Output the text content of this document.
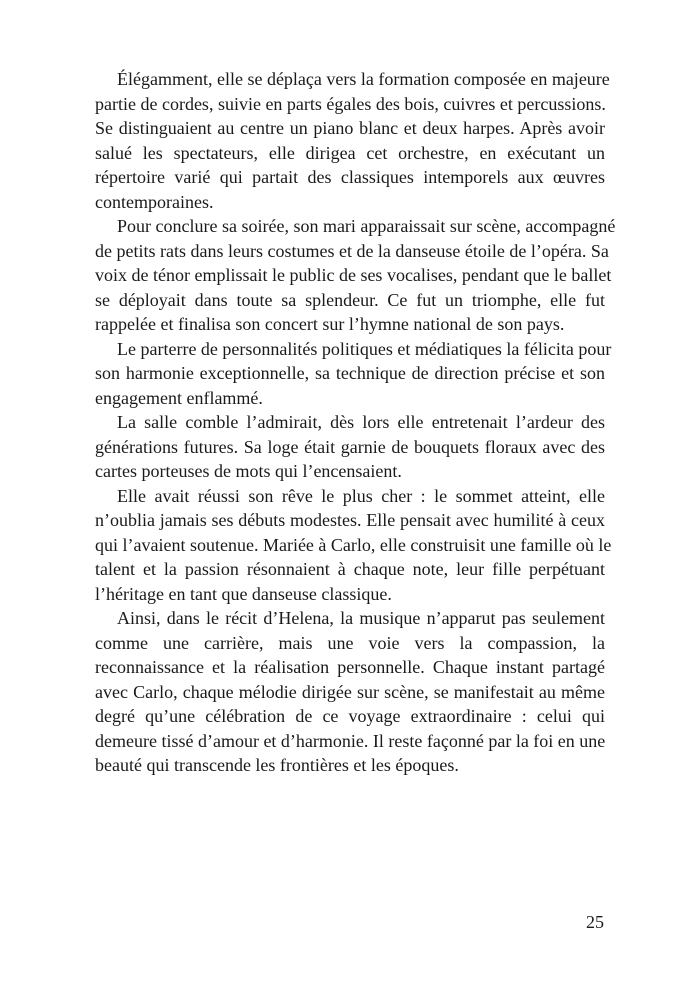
Élégamment, elle se déplaça vers la formation composée en majeure
partie de cordes, suivie en parts égales des bois, cuivres et percussions.
Se distinguaient au centre un piano blanc et deux harpes. Après avoir
salué les spectateurs, elle dirigea cet orchestre, en exécutant un
répertoire varié qui partait des classiques intemporels aux œuvres
contemporaines.
Pour conclure sa soirée, son mari apparaissait sur scène, accompagné
de petits rats dans leurs costumes et de la danseuse étoile de l’opéra. Sa
voix de ténor emplissait le public de ses vocalises, pendant que le ballet
se déployait dans toute sa splendeur. Ce fut un triomphe, elle fut
rappelée et finalisa son concert sur l’hymne national de son pays.
Le parterre de personnalités politiques et médiatiques la félicita pour
son harmonie exceptionnelle, sa technique de direction précise et son
engagement enflammé.
La salle comble l’admirait, dès lors elle entretenait l’ardeur des
générations futures. Sa loge était garnie de bouquets floraux avec des
cartes porteuses de mots qui l’encensaient.
Elle avait réussi son rêve le plus cher : le sommet atteint, elle
n’oublia jamais ses débuts modestes. Elle pensait avec humilité à ceux
qui l’avaient soutenue. Mariée à Carlo, elle construisit une famille où le
talent et la passion résonnaient à chaque note, leur fille perpétuant
l’héritage en tant que danseuse classique.
Ainsi, dans le récit d’Helena, la musique n’apparut pas seulement
comme une carrière, mais une voie vers la compassion, la
reconnaissance et la réalisation personnelle. Chaque instant partagé
avec Carlo, chaque mélodie dirigée sur scène, se manifestait au même
degré qu’une célébration de ce voyage extraordinaire : celui qui
demeure tissé d’amour et d’harmonie. Il reste façonné par la foi en une
beauté qui transcende les frontières et les époques.
25
